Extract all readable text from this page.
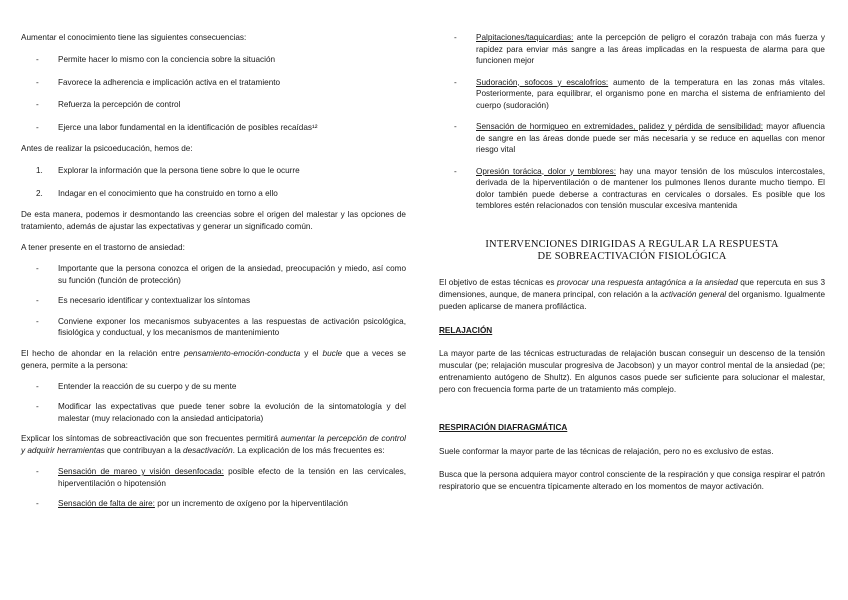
Aumentar el conocimiento tiene las siguientes consecuencias:

- Permite hacer lo mismo con la conciencia sobre la situación
- Favorece la adherencia e implicación activa en el tratamiento
- Refuerza la percepción de control
- Ejerce una labor fundamental en la identificación de posibles recaídas¹²

Antes de realizar la psicoeducación, hemos de:

1. Explorar la información que la persona tiene sobre lo que le ocurre
2. Indagar en el conocimiento que ha construido en torno a ello

De esta manera, podemos ir desmontando las creencias sobre el origen del malestar y las opciones de tratamiento, además de ajustar las expectativas y generar un significado común.

A tener presente en el trastorno de ansiedad:

- Importante que la persona conozca el origen de la ansiedad, preocupación y miedo, así como su función (función de protección)
- Es necesario identificar y contextualizar los síntomas
- Conviene exponer los mecanismos subyacentes a las respuestas de activación psicológica, fisiológica y conductual, y los mecanismos de mantenimiento

El hecho de ahondar en la relación entre pensamiento-emoción-conducta y el bucle que a veces se genera, permite a la persona:

- Entender la reacción de su cuerpo y de su mente
- Modificar las expectativas que puede tener sobre la evolución de la sintomatología y del malestar (muy relacionado con la ansiedad anticipatoria)

Explicar los síntomas de sobreactivación que son frecuentes permitirá aumentar la percepción de control y adquirir herramientas que contribuyan a la desactivación. La explicación de los más frecuentes es:

- Sensación de mareo y visión desenfocada: posible efecto de la tensión en las cervicales, hiperventilación o hipotensión
- Sensación de falta de aire: por un incremento de oxígeno por la hiperventilación
- Palpitaciones/taquicardias: ante la percepción de peligro el corazón trabaja con más fuerza y rapidez para enviar más sangre a las áreas implicadas en la respuesta de alarma para que funcionen mejor
- Sudoración, sofocos y escalofríos: aumento de la temperatura en las zonas más vitales. Posteriormente, para equilibrar, el organismo pone en marcha el sistema de enfriamiento del cuerpo (sudoración)
- Sensación de hormigueo en extremidades, palidez y pérdida de sensibilidad: mayor afluencia de sangre en las áreas donde puede ser más necesaria y se reduce en aquellas con menor riesgo vital
- Opresión torácica, dolor y temblores: hay una mayor tensión de los músculos intercostales, derivada de la hiperventilación o de mantener los pulmones llenos durante mucho tiempo. El dolor también puede deberse a contracturas en cervicales o dorsales. Es posible que los temblores estén relacionados con tensión muscular excesiva mantenida
INTERVENCIONES DIRIGIDAS A REGULAR LA RESPUESTA
DE SOBREACTIVACIÓN FISIOLÓGICA

El objetivo de estas técnicas es provocar una respuesta antagónica a la ansiedad que repercuta en sus 3 dimensiones, aunque, de manera principal, con relación a la activación general del organismo. Igualmente pueden aplicarse de manera profiláctica.

RELAJACIÓN

La mayor parte de las técnicas estructuradas de relajación buscan conseguir un descenso de la tensión muscular (pe; relajación muscular progresiva de Jacobson) y un mayor control mental de la ansiedad (pe; entrenamiento autógeno de Shultz). En algunos casos puede ser suficiente para solucionar el malestar, pero con frecuencia forma parte de un tratamiento más complejo.

RESPIRACIÓN DIAFRAGMÁTICA

Suele conformar la mayor parte de las técnicas de relajación, pero no es exclusivo de estas.

Busca que la persona adquiera mayor control consciente de la respiración y que consiga respirar el patrón respiratorio que se encuentra típicamente alterado en los momentos de mayor activación.
